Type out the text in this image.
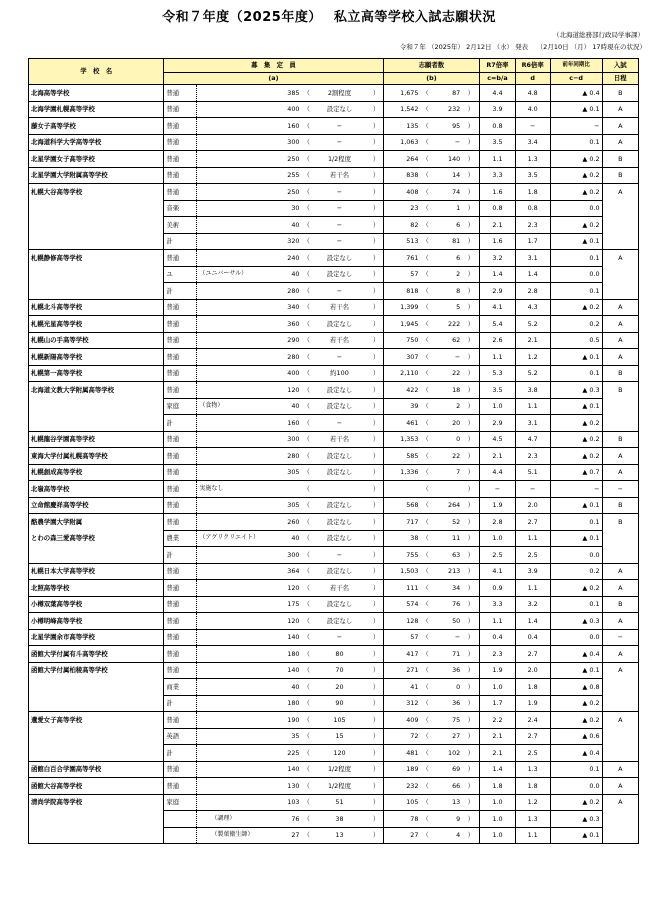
令和７年度（2025年度）　 私立高等学校入試志願状況
（北海道総務部行政局学事課）
令和７年 （2025年） 2月12日 （水） 発表　 （2月10日 （月） 17時現在の状況）
学　校　名	募　集　定　員						志願者数				R7倍率	R6倍率	前年同期比	入試
	(a)						(b)				c=b/a	d	c−d	日程
北海高等学校	普通		385	（	2割程度	）	1,675	（	87	）	4.4	4.8	▲ 0.4	B
北海学園札幌高等学校	普通		400	（	設定なし	）	1,542	（	232	）	3.9	4.0	▲ 0.1	A
藤女子高等学校	普通		160	（	−	）	135	（	95	）	0.8	−	−	A
北海道科学大学高等学校	普通		300	（	−	）	1,063	（	−	）	3.5	3.4	0.1	A
北星学園女子高等学校	普通		250	（	1/2程度	）	264	（	140	）	1.1	1.3	▲ 0.2	B
北星学園大学附属高等学校	普通		255	（	若干名	）	838	（	14	）	3.3	3.5	▲ 0.2	B
札幌大谷高等学校	普通		250	（	−	）	408	（	74	）	1.6	1.8	▲ 0.2	A
	音楽		30	（	−	）	23	（	1	）	0.8	0.8	0.0	
	美術		40	（	−	）	82	（	6	）	2.1	2.3	▲ 0.2	
	計		320	（	−	）	513	（	81	）	1.6	1.7	▲ 0.1	
札幌静修高等学校	普通		240	（	設定なし	）	761	（	6	）	3.2	3.1	0.1	A
	ユ	（ユニバーサル）	40	（	設定なし	）	57	（	2	）	1.4	1.4	0.0	
	計		280	（	−	）	818	（	8	）	2.9	2.8	0.1	
札幌北斗高等学校	普通		340	（	若干名	）	1,399	（	5	）	4.1	4.3	▲ 0.2	A
札幌光星高等学校	普通		360	（	設定なし	）	1,945	（	222	）	5.4	5.2	0.2	A
札幌山の手高等学校	普通		290	（	若干名	）	750	（	62	）	2.6	2.1	0.5	A
札幌新陽高等学校	普通		280	（	−	）	307	（	−	）	1.1	1.2	▲ 0.1	A
札幌第一高等学校	普通		400	（	約100	）	2,110	（	22	）	5.3	5.2	0.1	B
北海道文教大学附属高等学校	普通		120	（	設定なし	）	422	（	18	）	3.5	3.8	▲ 0.3	B
	家庭	（食物）	40	（	設定なし	）	39	（	2	）	1.0	1.1	▲ 0.1	
	計		160	（	−	）	461	（	20	）	2.9	3.1	▲ 0.2	
札幌龍谷学園高等学校	普通		300	（	若干名	）	1,353	（	0	）	4.5	4.7	▲ 0.2	B
東海大学付属札幌高等学校	普通		280	（	設定なし	）	585	（	22	）	2.1	2.3	▲ 0.2	A
札幌創成高等学校	普通		305	（	設定なし	）	1,336	（	7	）	4.4	5.1	▲ 0.7	A
北嶺高等学校	普通	実施なし		（		）		（		）	−	−	−	−
立命館慶祥高等学校	普通		305	（	設定なし	）	568	（	264	）	1.9	2.0	▲ 0.1	B
酪農学園大学附属	普通		260	（	設定なし	）	717	（	52	）	2.8	2.7	0.1	B
とわの森三愛高等学校	農業	（アグリクリエイト）	40	（	設定なし	）	38	（	11	）	1.0	1.1	▲ 0.1	
	計		300	（	−	）	755	（	63	）	2.5	2.5	0.0	
札幌日本大学高等学校	普通		364	（	設定なし	）	1,503	（	213	）	4.1	3.9	0.2	A
北照高等学校	普通		120	（	若干名	）	111	（	34	）	0.9	1.1	▲ 0.2	A
小樽双葉高等学校	普通		175	（	設定なし	）	574	（	76	）	3.3	3.2	0.1	B
小樽明峰高等学校	普通		120	（	設定なし	）	128	（	50	）	1.1	1.4	▲ 0.3	A
北星学園余市高等学校	普通		140	（	−	）	57	（	−	）	0.4	0.4	0.0	−
函館大学付属有斗高等学校	普通		180	（	80	）	417	（	71	）	2.3	2.7	▲ 0.4	A
函館大学付属柏稜高等学校	普通		140	（	70	）	271	（	36	）	1.9	2.0	▲ 0.1	A
	商業		40	（	20	）	41	（	0	）	1.0	1.8	▲ 0.8	
	計		180	（	90	）	312	（	36	）	1.7	1.9	▲ 0.2	
遺愛女子高等学校	普通		190	（	105	）	409	（	75	）	2.2	2.4	▲ 0.2	A
	英語		35	（	15	）	72	（	27	）	2.1	2.7	▲ 0.6	
	計		225	（	120	）	481	（	102	）	2.1	2.5	▲ 0.4	
函館白百合学園高等学校	普通		140	（	1/2程度	）	189	（	69	）	1.4	1.3	0.1	A
函館大谷高等学校	普通		130	（	1/2程度	）	232	（	66	）	1.8	1.8	0.0	A
清尚学院高等学校	家庭		103	（	51	）	105	（	13	）	1.0	1.2	▲ 0.2	A
		（調理）	76	（	38	）	78	（	9	）	1.0	1.3	▲ 0.3	
		（製菓衛生師）	27	（	13	）	27	（	4	）	1.0	1.1	▲ 0.1	
